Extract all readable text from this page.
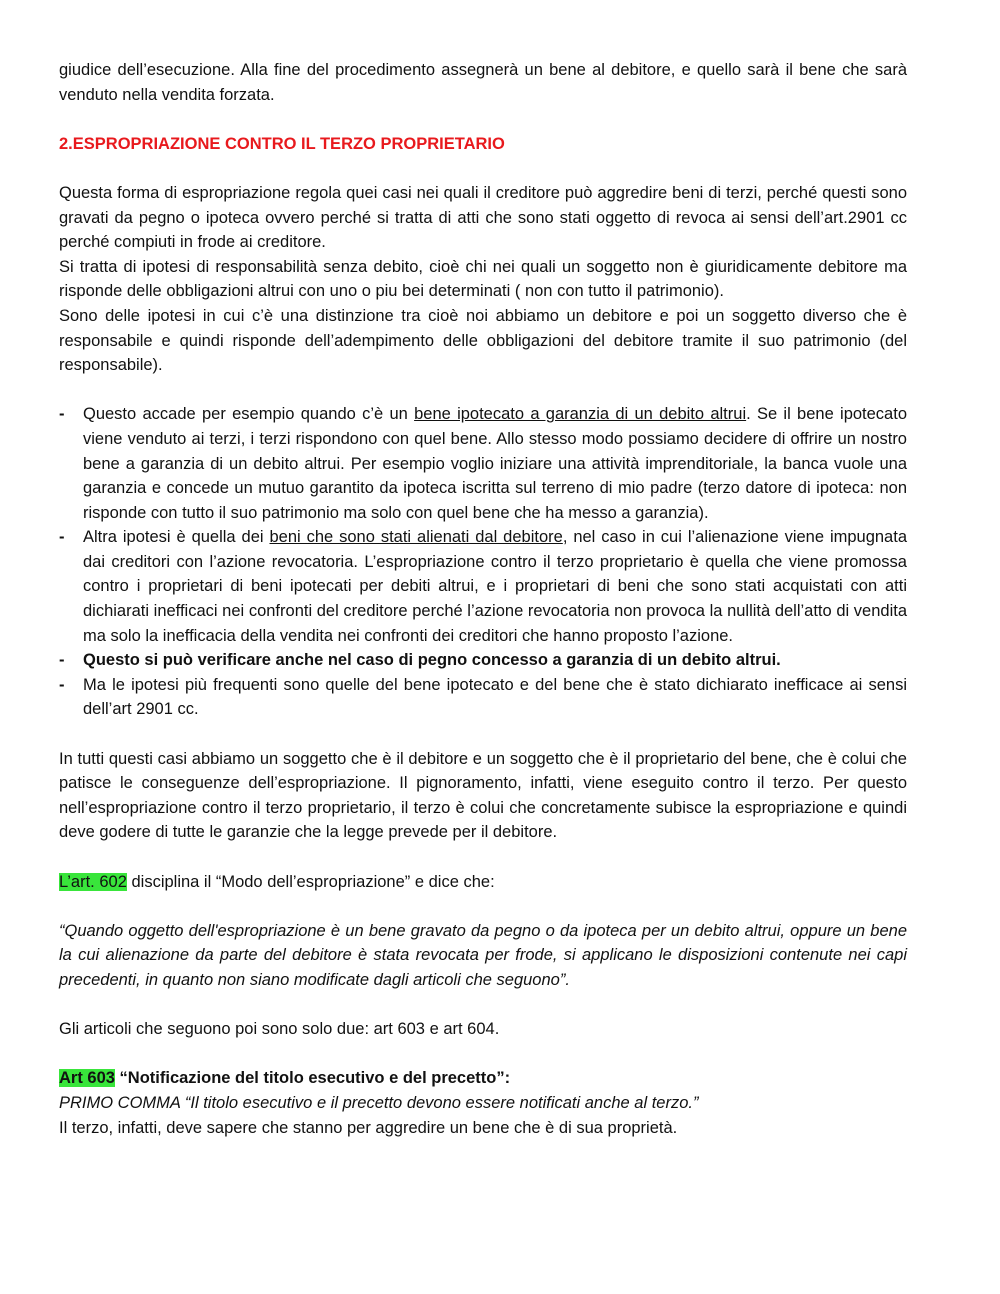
giudice dell’esecuzione. Alla fine del procedimento assegnerà un bene al debitore, e quello sarà il bene che sarà venduto nella vendita forzata.

2.ESPROPRIAZIONE CONTRO IL TERZO PROPRIETARIO

Questa forma di espropriazione regola quei casi nei quali il creditore può aggredire beni di terzi, perché questi sono gravati da pegno o ipoteca ovvero perché si tratta di atti che sono stati oggetto di revoca ai sensi dell’art.2901 cc perché compiuti in frode ai creditore.

Si tratta di ipotesi di responsabilità senza debito, cioè chi nei quali un soggetto non è giuridicamente debitore ma risponde delle obbligazioni altrui con uno o piu bei determinati ( non con tutto il patrimonio).

Sono delle ipotesi in cui c’è una distinzione tra cioè noi abbiamo un debitore e poi un soggetto diverso che è responsabile e quindi risponde dell’adempimento delle obbligazioni del debitore tramite il suo patrimonio (del responsabile).

- Questo accade per esempio quando c’è un bene ipotecato a garanzia di un debito altrui. Se il bene ipotecato viene venduto ai terzi, i terzi rispondono con quel bene. Allo stesso modo possiamo decidere di offrire un nostro bene a garanzia di un debito altrui. Per esempio voglio iniziare una attività imprenditoriale, la banca vuole una garanzia e concede un mutuo garantito da ipoteca iscritta sul terreno di mio padre (terzo datore di ipoteca: non risponde con tutto il suo patrimonio ma solo con quel bene che ha messo a garanzia).
- Altra ipotesi è quella dei beni che sono stati alienati dal debitore, nel caso in cui l’alienazione viene impugnata dai creditori con l’azione revocatoria. L’espropriazione contro il terzo proprietario è quella che viene promossa contro i proprietari di beni ipotecati per debiti altrui, e i proprietari di beni che sono stati acquistati con atti dichiarati inefficaci nei confronti del creditore perché l’azione revocatoria non provoca la nullità dell’atto di vendita ma solo la inefficacia della vendita nei confronti dei creditori che hanno proposto l’azione.
- Questo si può verificare anche nel caso di pegno concesso a garanzia di un debito altrui.
- Ma le ipotesi più frequenti sono quelle del bene ipotecato e del bene che è stato dichiarato inefficace ai sensi dell’art 2901 cc.

In tutti questi casi abbiamo un soggetto che è il debitore e un soggetto che è il proprietario del bene, che è colui che patisce le conseguenze dell’espropriazione. Il pignoramento, infatti, viene eseguito contro il terzo. Per questo nell’espropriazione contro il terzo proprietario, il terzo è colui che concretamente subisce la espropriazione e quindi deve godere di tutte le garanzie che la legge prevede per il debitore.

L’art. 602 disciplina il “Modo dell’espropriazione” e dice che:

“Quando oggetto dell'espropriazione è un bene gravato da pegno o da ipoteca per un debito altrui, oppure un bene la cui alienazione da parte del debitore è stata revocata per frode, si applicano le disposizioni contenute nei capi precedenti, in quanto non siano modificate dagli articoli che seguono”.

Gli articoli che seguono poi sono solo due: art 603 e art 604.

Art 603 “Notificazione del titolo esecutivo e del precetto”:

PRIMO COMMA “Il titolo esecutivo e il precetto devono essere notificati anche al terzo.”

Il terzo, infatti, deve sapere che stanno per aggredire un bene che è di sua proprietà.
